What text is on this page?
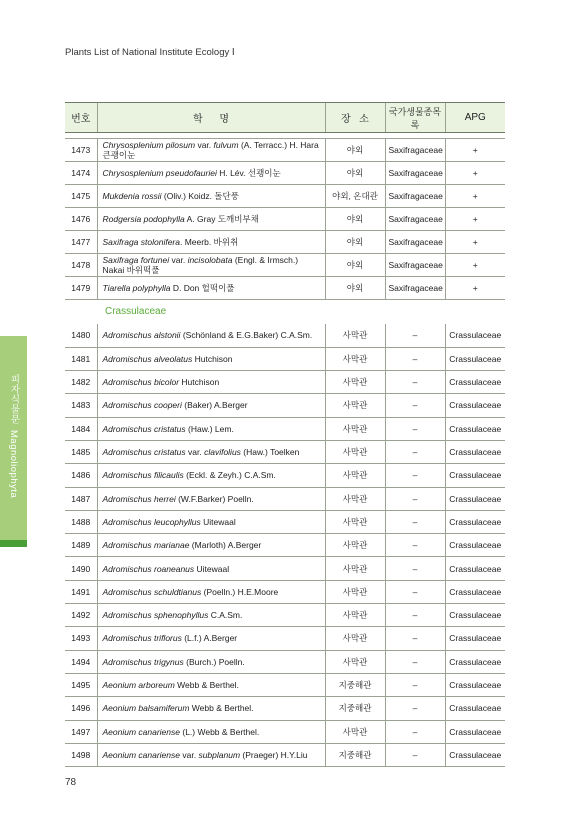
Plants List of National Institute Ecology Ⅰ
피자식물문
Magnoliophyta
번호	학      명	장   소	국가생물종목록	APG

1473	Chrysosplenium pilosum var. fulvum (A. Terracc.) H. Hara 큰괭이눈	야외	Saxifragaceae	+
1474	Chrysosplenium pseudofauriei H. Lév. 선괭이눈	야외	Saxifragaceae	+
1475	Mukdenia rossii (Oliv.) Koidz. 돌단풍	야외, 온대관	Saxifragaceae	+
1476	Rodgersia podophylla A. Gray 도깨비부채	야외	Saxifragaceae	+
1477	Saxifraga stolonifera. Meerb. 바위취	야외	Saxifragaceae	+
1478	Saxifraga fortunei var. incisolobata (Engl. & Irmsch.) Nakai 바위떡풀	야외	Saxifragaceae	+
1479	Tiarella polyphylla D. Don 헐떡이풀	야외	Saxifragaceae	+
Crassulaceae				
1480	Adromischus alstonii (Schönland & E.G.Baker) C.A.Sm.	사막관	–	Crassulaceae
1481	Adromischus alveolatus Hutchison	사막관	–	Crassulaceae
1482	Adromischus bicolor Hutchison	사막관	–	Crassulaceae
1483	Adromischus cooperi (Baker) A.Berger	사막관	–	Crassulaceae
1484	Adromischus cristatus (Haw.) Lem.	사막관	–	Crassulaceae
1485	Adromischus cristatus var. clavifolius (Haw.) Toelken	사막관	–	Crassulaceae
1486	Adromischus filicaulis (Eckl. & Zeyh.) C.A.Sm.	사막관	–	Crassulaceae
1487	Adromischus herrei (W.F.Barker) Poelln.	사막관	–	Crassulaceae
1488	Adromischus leucophyllus Uitewaal	사막관	–	Crassulaceae
1489	Adromischus marianae (Marloth) A.Berger	사막관	–	Crassulaceae
1490	Adromischus roaneanus Uitewaal	사막관	–	Crassulaceae
1491	Adromischus schuldtianus (Poelln.) H.E.Moore	사막관	–	Crassulaceae
1492	Adromischus sphenophyllus C.A.Sm.	사막관	–	Crassulaceae
1493	Adromischus triflorus (L.f.) A.Berger	사막관	–	Crassulaceae
1494	Adromischus trigynus (Burch.) Poelln.	사막관	–	Crassulaceae
1495	Aeonium arboreum Webb & Berthel.	지중해관	–	Crassulaceae
1496	Aeonium balsamiferum Webb & Berthel.	지중해관	–	Crassulaceae
1497	Aeonium canariense (L.) Webb & Berthel.	사막관	–	Crassulaceae
1498	Aeonium canariense var. subplanum (Praeger) H.Y.Liu	지중해관	–	Crassulaceae
78
